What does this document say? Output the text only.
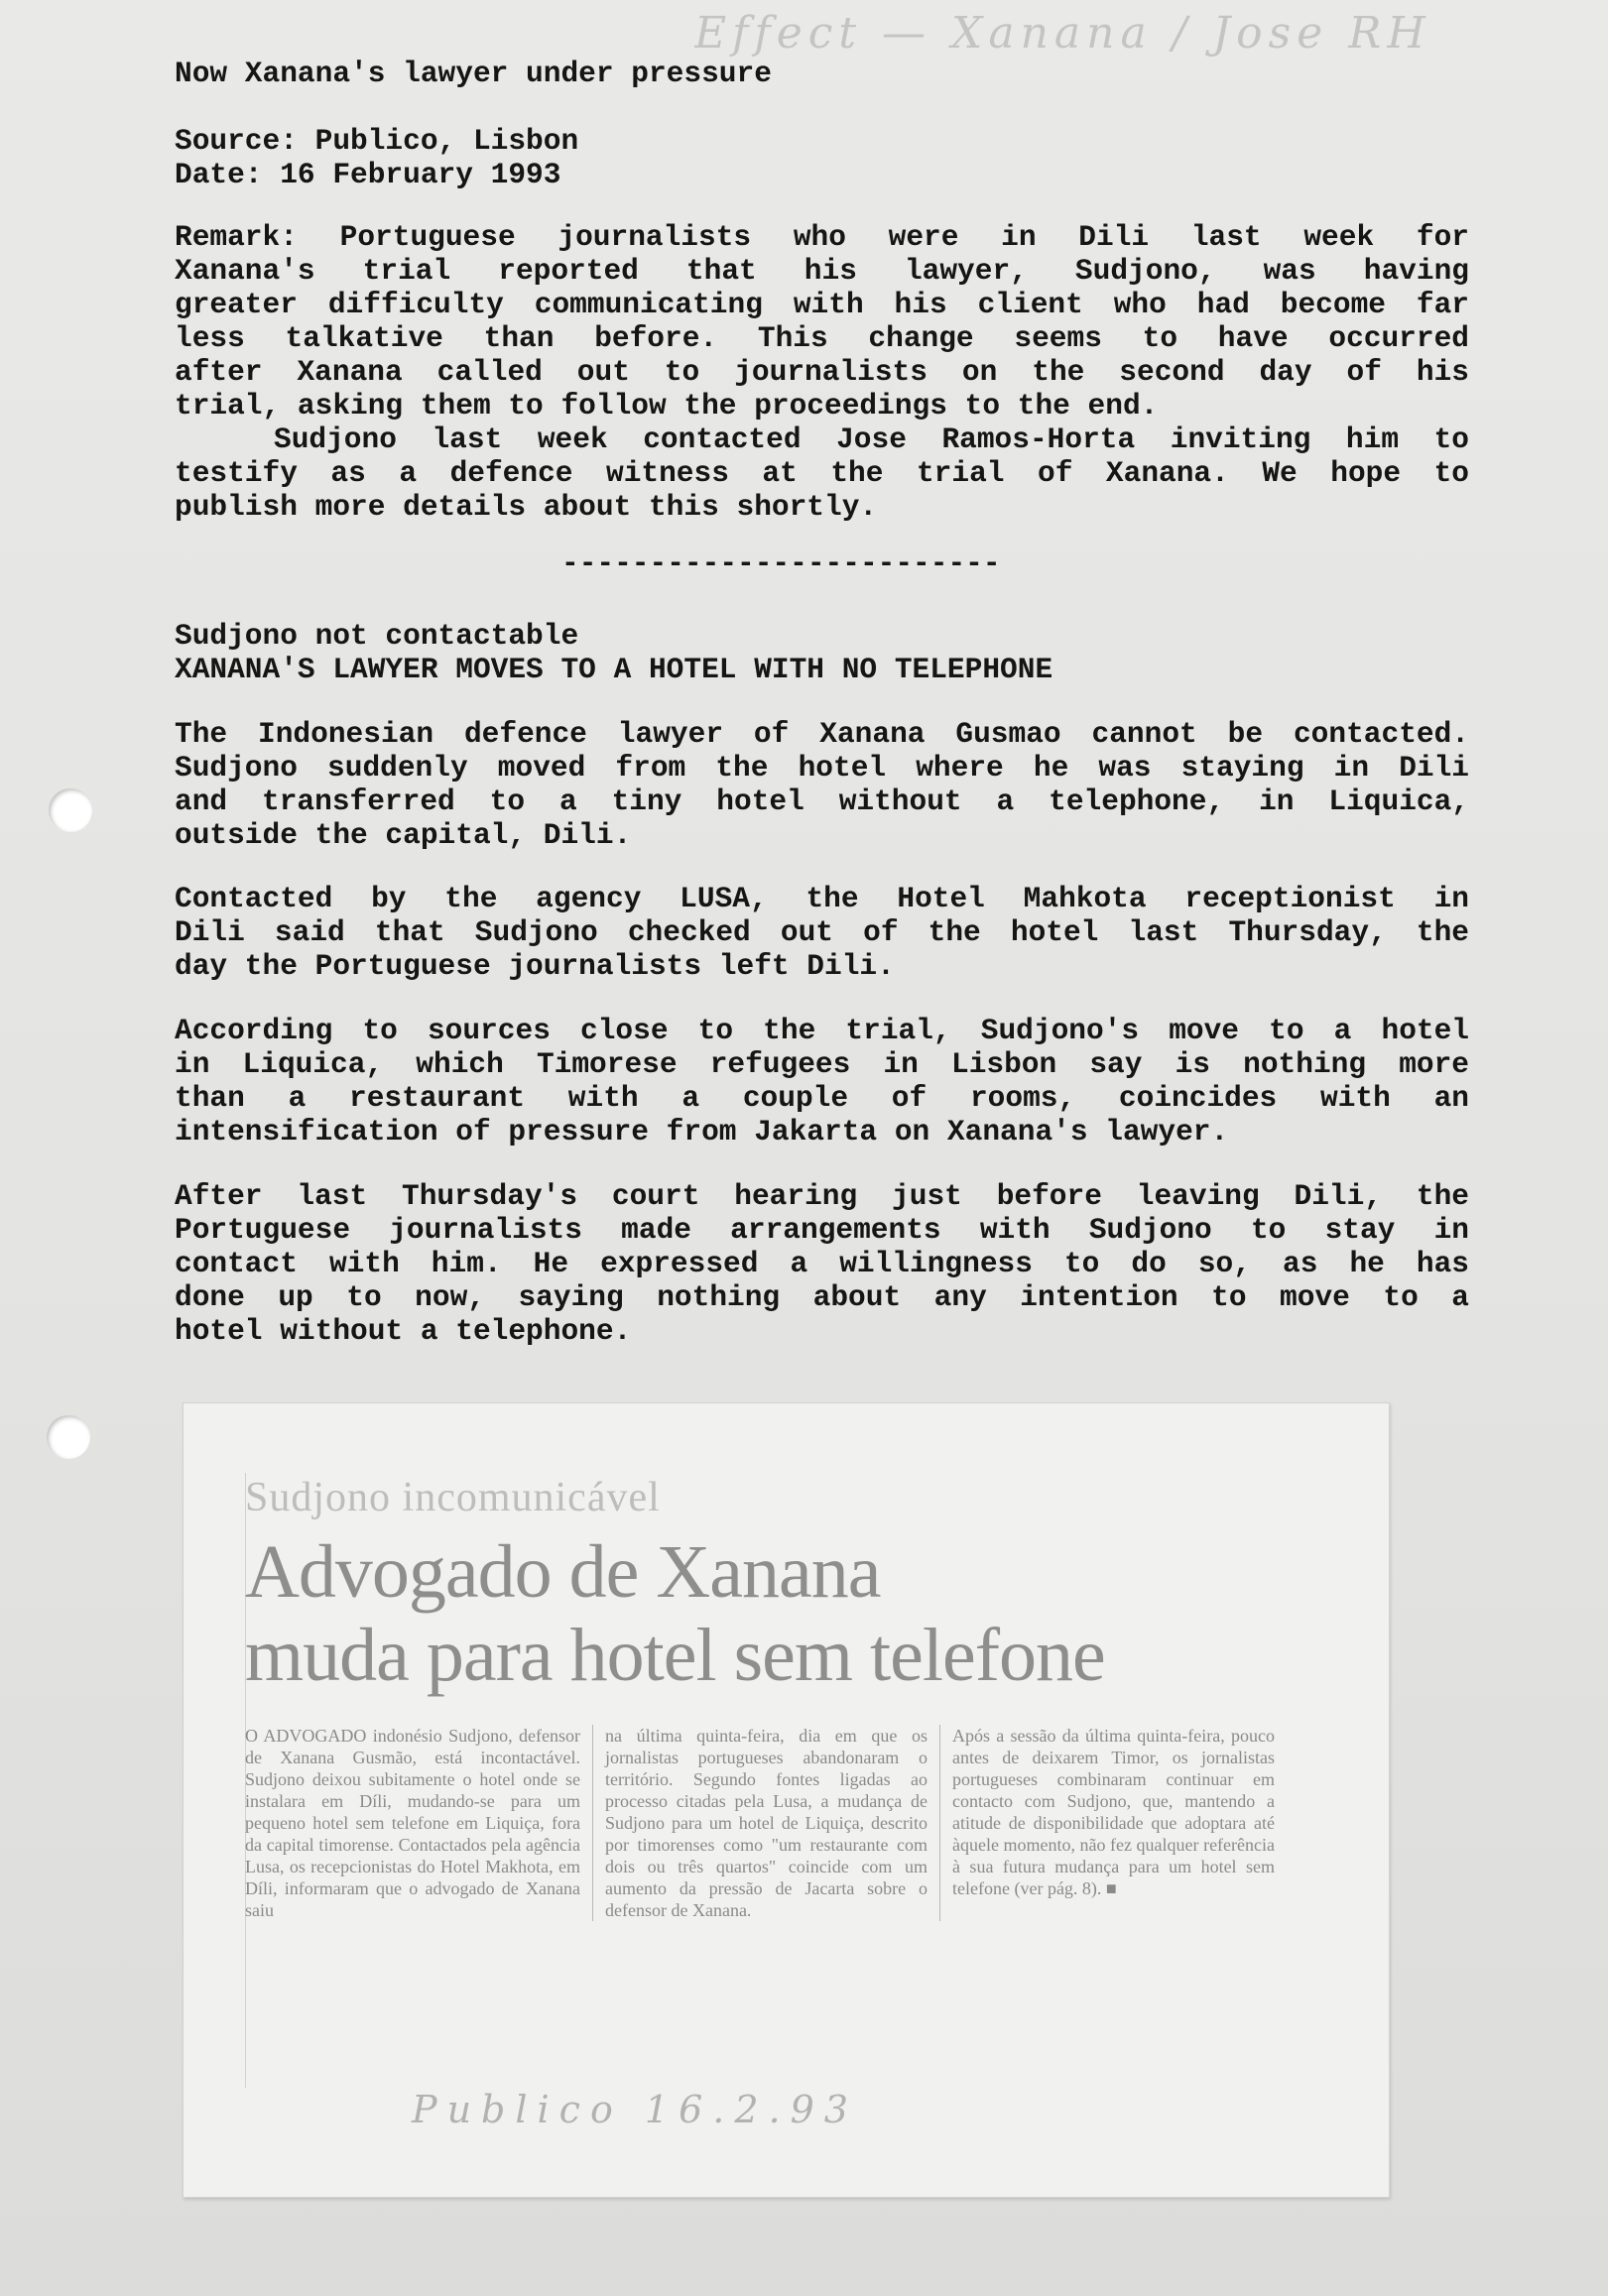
Effect — Xanana / Jose RH
Now Xanana's lawyer under pressure
Source: Publico, Lisbon
Date: 16 February 1993
Remark: Portuguese journalists who were in Dili last week for
Xanana's trial reported that his lawyer, Sudjono, was having
greater difficulty communicating with his client who had become far
less talkative than before. This change seems to have occurred
after Xanana called out to journalists on the second day of his
trial, asking them to follow the proceedings to the end.
Sudjono last week contacted Jose Ramos-Horta inviting him to
testify as a defence witness at the trial of Xanana. We hope to
publish more details about this shortly.
-------------------------
Sudjono not contactable
XANANA'S LAWYER MOVES TO A HOTEL WITH NO TELEPHONE
The Indonesian defence lawyer of Xanana Gusmao cannot be contacted.
Sudjono suddenly moved from the hotel where he was staying in Dili
and transferred to a tiny hotel without a telephone, in Liquica,
outside the capital, Dili.
Contacted by the agency LUSA, the Hotel Mahkota receptionist in
Dili said that Sudjono checked out of the hotel last Thursday, the
day the Portuguese journalists left Dili.
According to sources close to the trial, Sudjono's move to a hotel
in Liquica, which Timorese refugees in Lisbon say is nothing more
than a restaurant with a couple of rooms, coincides with an
intensification of pressure from Jakarta on Xanana's lawyer.
After last Thursday's court hearing just before leaving Dili, the
Portuguese journalists made arrangements with Sudjono to stay in
contact with him. He expressed a willingness to do so, as he has
done up to now, saying nothing about any intention to move to a
hotel without a telephone.
Sudjono incomunicável
Advogado de Xanana
muda para hotel sem telefone
O ADVOGADO indonésio Sudjono, defensor de Xanana Gusmão, está incontactável. Sudjono deixou subitamente o hotel onde se instalara em Díli, mudando-se para um pequeno hotel sem telefone em Liquiça, fora da capital timorense. Contactados pela agência Lusa, os recepcionistas do Hotel Makhota, em Díli, informaram que o advogado de Xanana saiu
na última quinta-feira, dia em que os jornalistas portugueses abandonaram o território. Segundo fontes ligadas ao processo citadas pela Lusa, a mudança de Sudjono para um hotel de Liquiça, descrito por timorenses como "um restaurante com dois ou três quartos" coincide com um aumento da pressão de Jacarta sobre o defensor de Xanana.
Após a sessão da última quinta-feira, pouco antes de deixarem Timor, os jornalistas portugueses combinaram continuar em contacto com Sudjono, que, mantendo a atitude de disponibilidade que adoptara até àquele momento, não fez qualquer referência à sua futura mudança para um hotel sem telefone (ver pág. 8). ■
Publico 16.2.93
